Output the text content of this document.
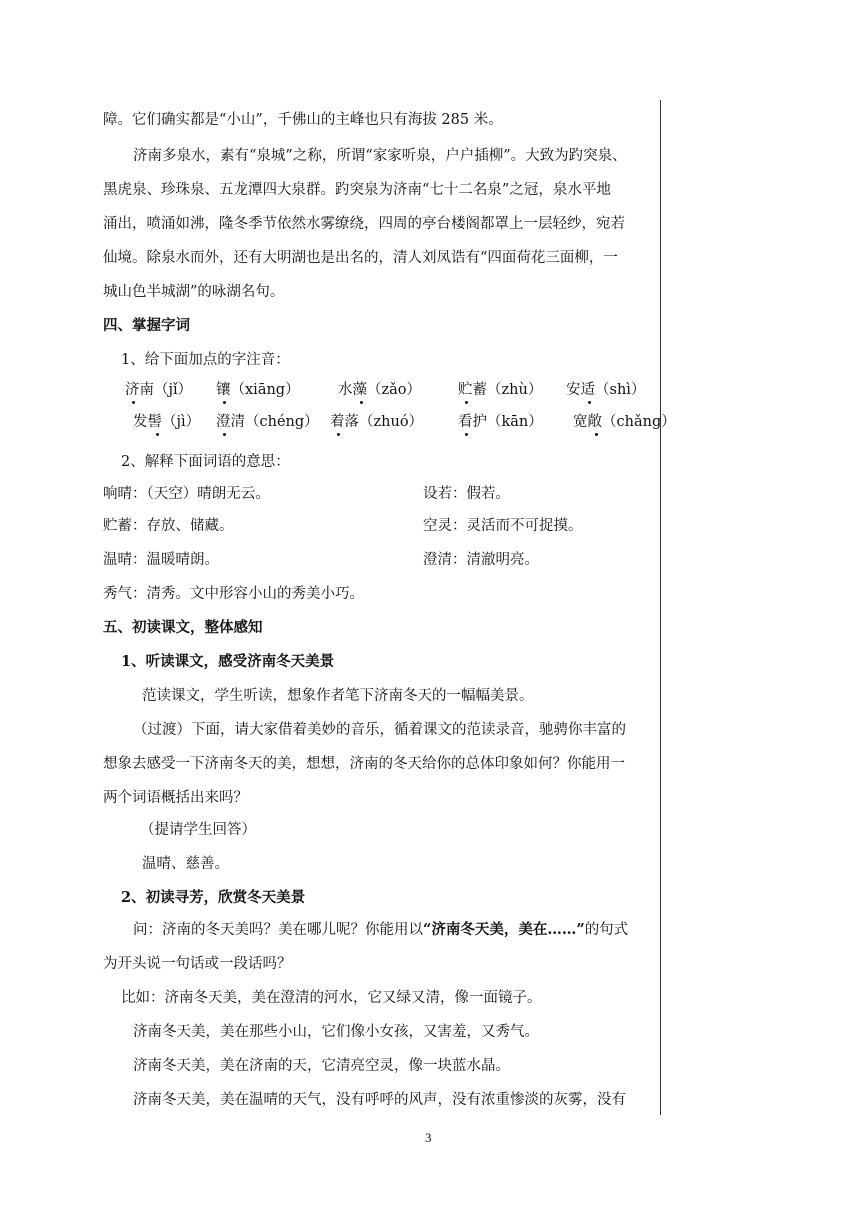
障。它们确实都是“小山”，千佛山的主峰也只有海拔 285 米。
济南多泉水，素有“泉城”之称，所谓“家家听泉，户户插柳”。大致为趵突泉、
黑虎泉、珍珠泉、五龙潭四大泉群。趵突泉为济南“七十二名泉”之冠，泉水平地
涌出，喷涌如沸，隆冬季节依然水雾缭绕，四周的亭台楼阁都罩上一层轻纱，宛若
仙境。除泉水而外，还有大明湖也是出名的，清人刘凤诰有“四面荷花三面柳，一
城山色半城湖”的咏湖名句。
四、掌握字词
1、给下面加点的字注音：
济南（jǐ） 镶（xiāng）	水藻（zǎo）	贮蓄（zhù） 安适（shì）
发髻（jì） 澄清（chéng） 着落（zhuó） 看护（kān） 宽敞（chǎng）
2、解释下面词语的意思：
响晴：（天空）晴朗无云。	设若：假若。
贮蓄：存放、储藏。	空灵：灵活而不可捉摸。
温晴：温暖晴朗。	澄清：清澈明亮。
秀气：清秀。文中形容小山的秀美小巧。
五、初读课文，整体感知
1、听读课文，感受济南冬天美景
范读课文，学生听读，想象作者笔下济南冬天的一幅幅美景。
（过渡）下面，请大家借着美妙的音乐，循着课文的范读录音，驰骋你丰富的
想象去感受一下济南冬天的美，想想，济南的冬天给你的总体印象如何？你能用一
两个词语概括出来吗？
（提请学生回答）
温晴、慈善。
2、初读寻芳，欣赏冬天美景
问：济南的冬天美吗？美在哪儿呢？你能用以“济南冬天美，美在……”的句式
为开头说一句话或一段话吗？
比如：济南冬天美，美在澄清的河水，它又绿又清，像一面镜子。
济南冬天美，美在那些小山，它们像小女孩，又害羞，又秀气。
济南冬天美，美在济南的天，它清亮空灵，像一块蓝水晶。
济南冬天美，美在温晴的天气，没有呼呼的风声，没有浓重惨淡的灰雾，没有
3
